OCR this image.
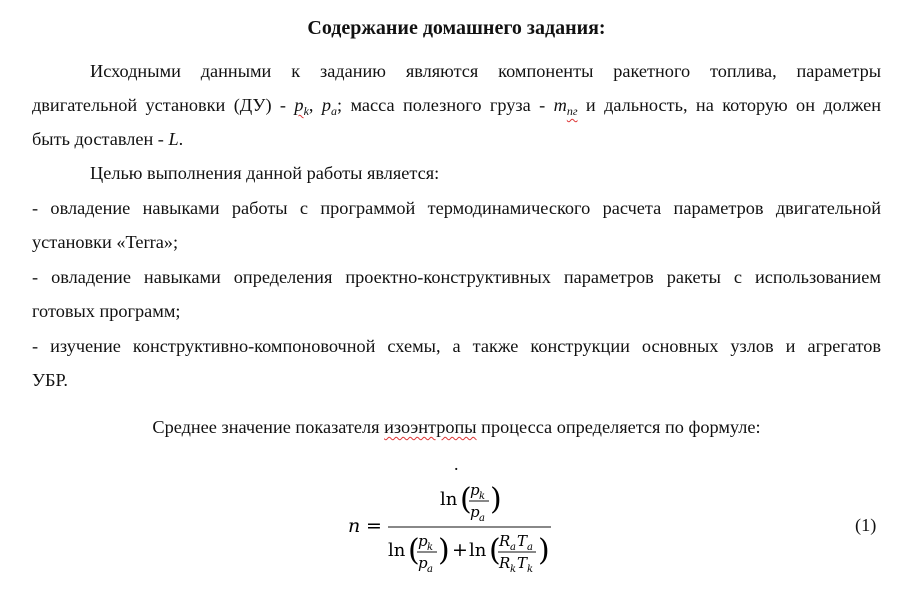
Содержание домашнего задания:
Исходными данными к заданию являются компоненты ракетного топлива, параметры
двигательной установки $(ДУ) - p_k$, $p_a$; масса полезного груза - $m_{пг}$ и дальность, на которую он должен
быть доставлен - L.
Целью выполнения данной работы является:
- овладение навыками работы с программой термодинамического расчета параметров двигательной
установки «Terra»;
- овладение навыками определения проектно-конструктивных параметров ракеты с использованием
готовых программ;
- изучение конструктивно-компоновочной схемы, а также конструкции основных узлов и агрегатов
УБР.
Среднее значение показателя изоэнтропы процесса определяется по формуле:
.
n =
ln (
p k
p a
)
ln (
p k
p a
) + ln (
R a T a
R k T k
)
(1)
